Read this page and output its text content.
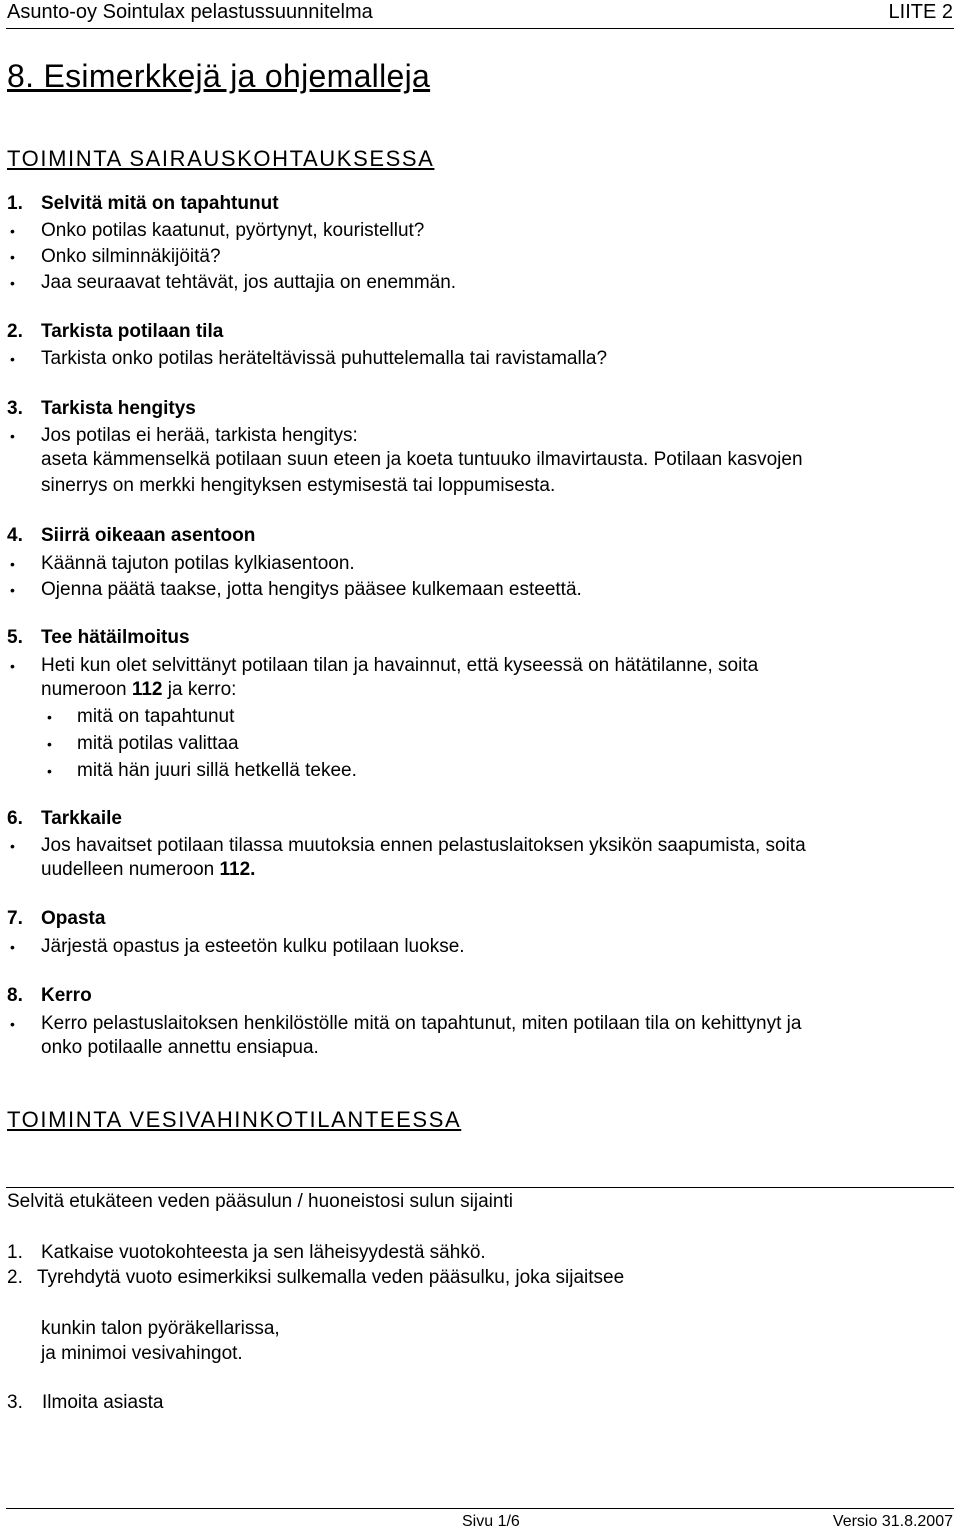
Asunto-oy Sointulax pelastussuunnitelma	LIITE 2
8. Esimerkkejä ja ohjemalleja
TOIMINTA SAIRAUSKOHTAUKSESSA
1. Selvitä mitä on tapahtunut
• Onko potilas kaatunut, pyörtynyt, kouristellut?
• Onko silminnäkijöitä?
• Jaa seuraavat tehtävät, jos auttajia on enemmän.
2. Tarkista potilaan tila
• Tarkista onko potilas heräteltävissä puhuttelemalla tai ravistamalla?
3. Tarkista hengitys
• Jos potilas ei herää, tarkista hengitys:
aseta kämmenselkä potilaan suun eteen ja koeta tuntuuko ilmavirtausta. Potilaan kasvojen
sinerrys on merkki hengityksen estymisestä tai loppumisesta.
4. Siirrä oikeaan asentoon
• Käännä tajuton potilas kylkiasentoon.
• Ojenna päätä taakse, jotta hengitys pääsee kulkemaan esteettä.
5. Tee hätäilmoitus
• Heti kun olet selvittänyt potilaan tilan ja havainnut, että kyseessä on hätätilanne, soita
numeroon 112 ja kerro:
• mitä on tapahtunut
• mitä potilas valittaa
• mitä hän juuri sillä hetkellä tekee.
6. Tarkkaile
• Jos havaitset potilaan tilassa muutoksia ennen pelastuslaitoksen yksikön saapumista, soita
uudelleen numeroon 112.
7. Opasta
• Järjestä opastus ja esteetön kulku potilaan luokse.
8. Kerro
• Kerro pelastuslaitoksen henkilöstölle mitä on tapahtunut, miten potilaan tila on kehittynyt ja
onko potilaalle annettu ensiapua.
TOIMINTA VESIVAHINKOTILANTEESSA
Selvitä etukäteen veden pääsulun / huoneistosi sulun sijainti
1. Katkaise vuotokohteesta ja sen läheisyydestä sähkö.
2. Tyrehdytä vuoto esimerkiksi sulkemalla veden pääsulku, joka sijaitsee
kunkin talon pyöräkellarissa,
ja minimoi vesivahingot.
3. Ilmoita asiasta
Sivu 1/6	Versio 31.8.2007
